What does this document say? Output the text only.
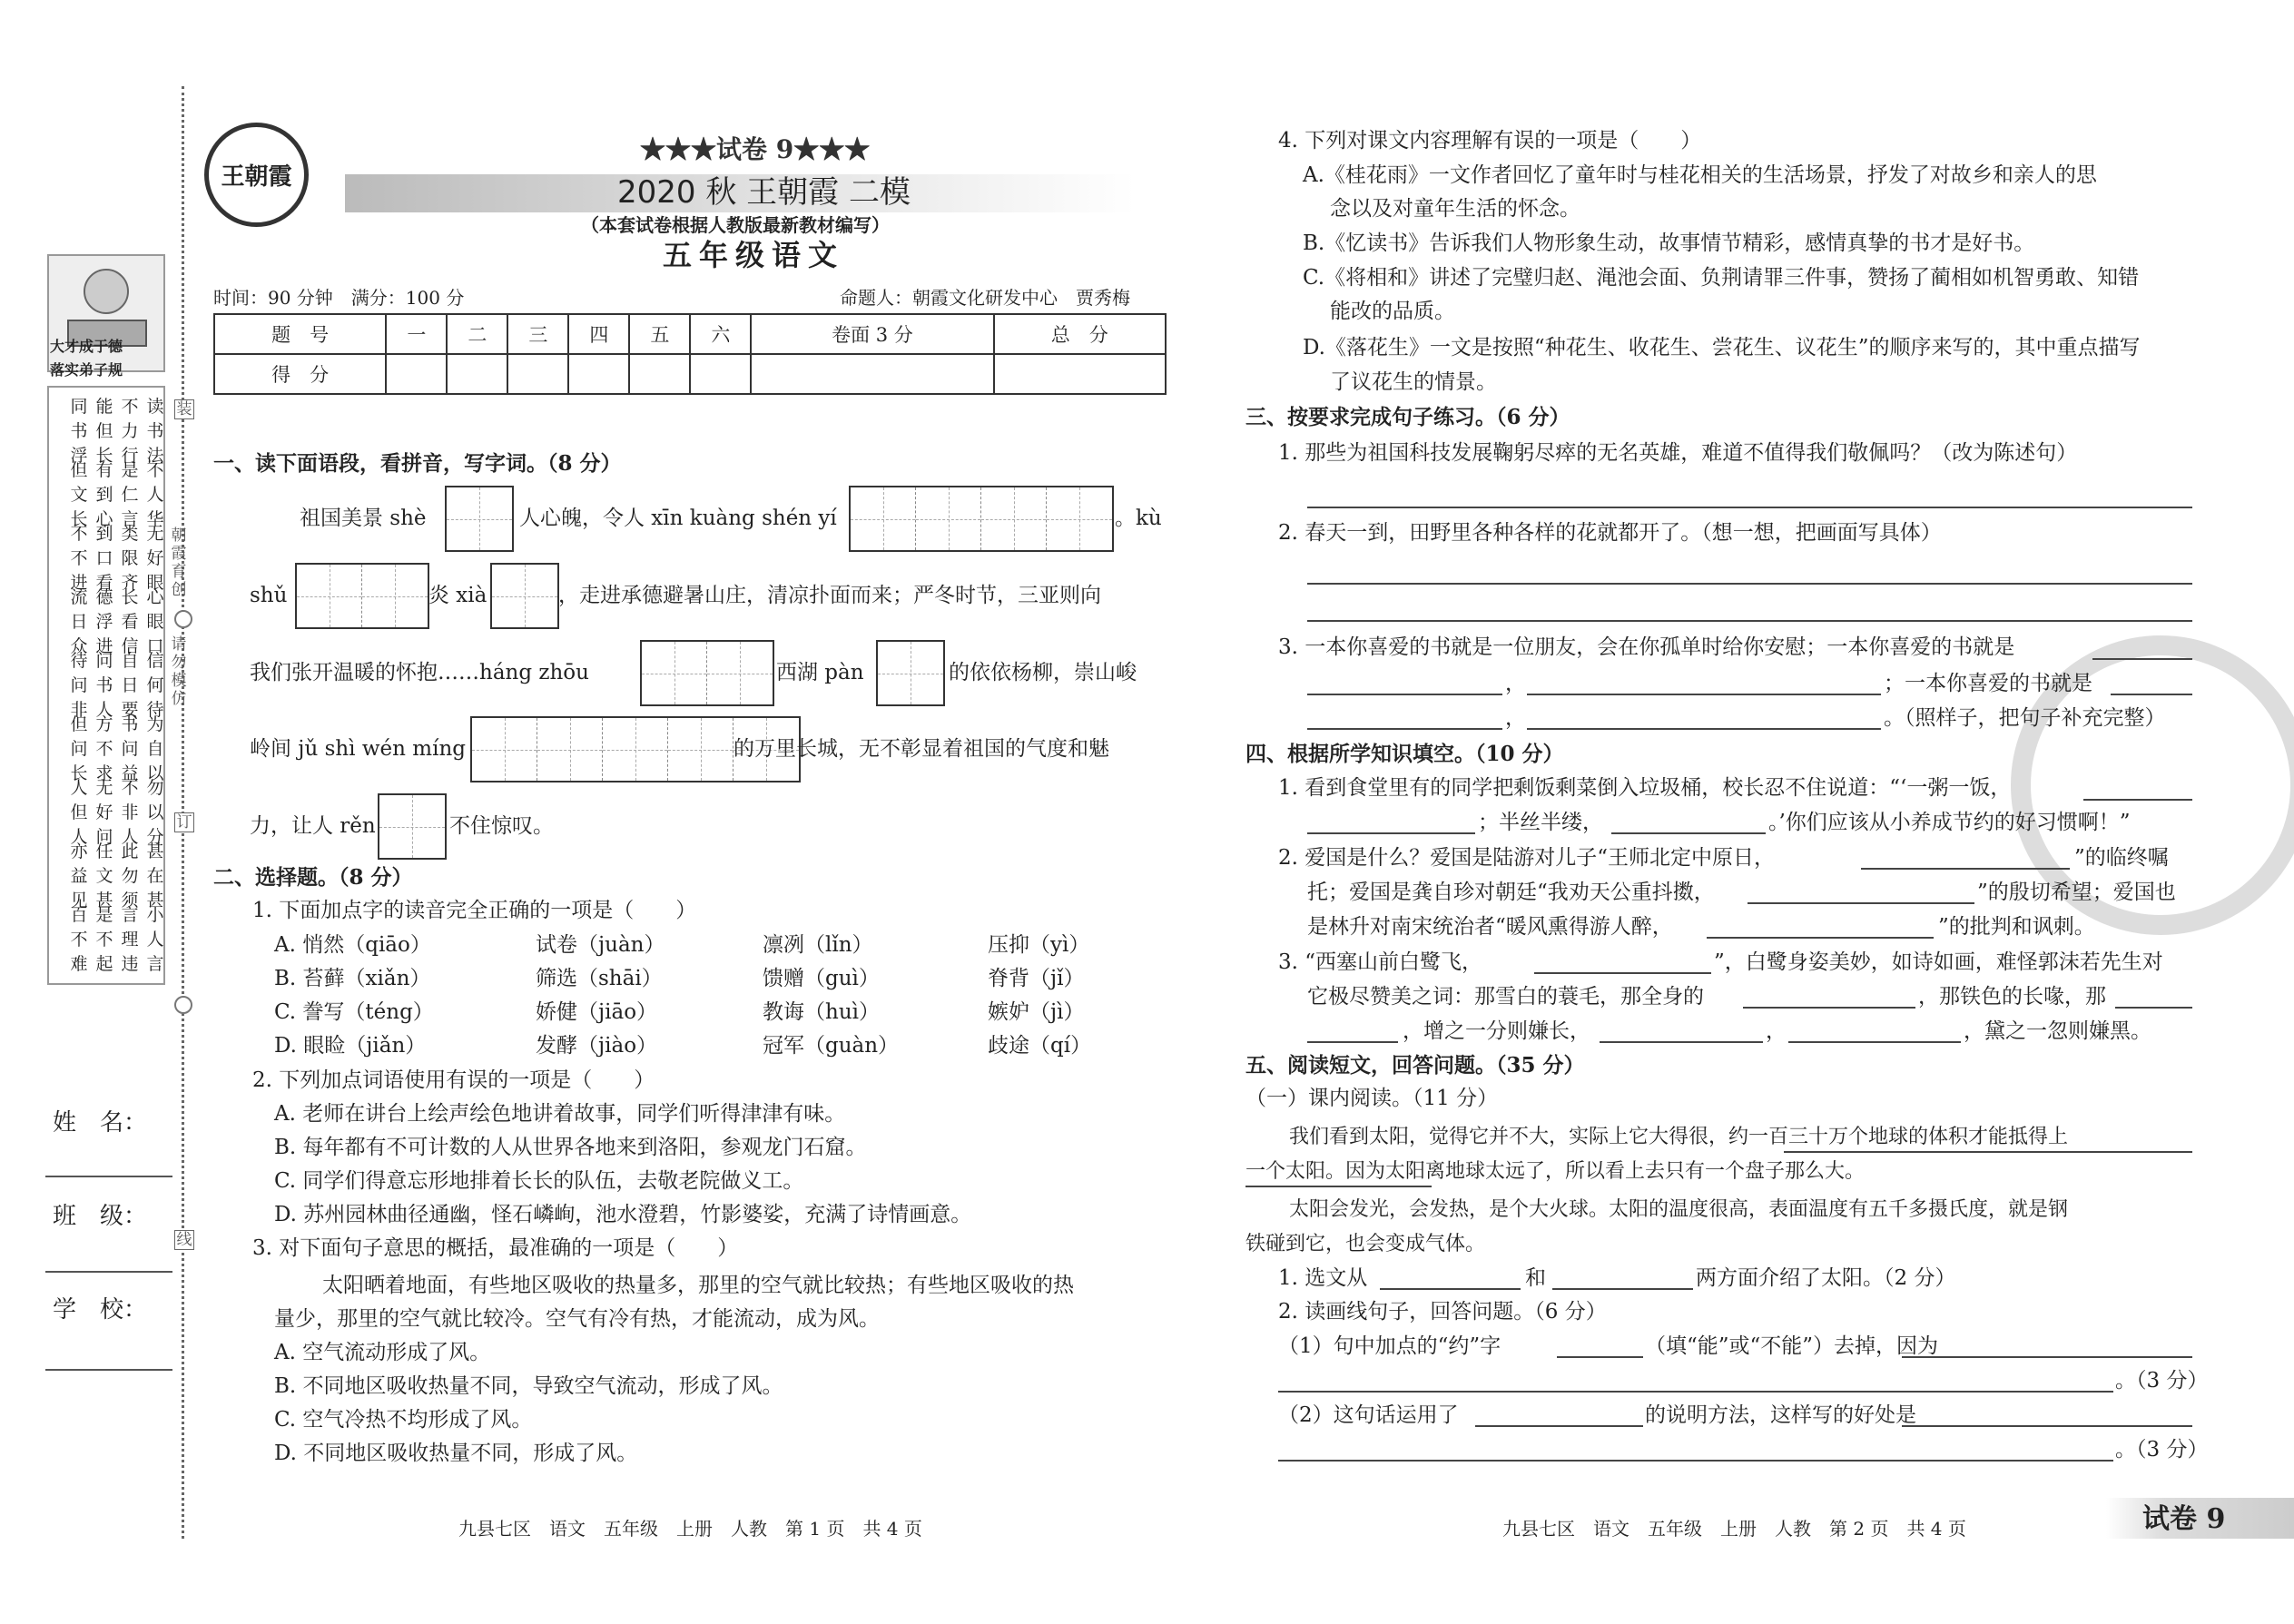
大才成于德
落实弟子规
读书法
不力行
能但长
同书浮
不人华
是仁言
有到心
但文长
无好眼
类限齐
到口看
不不进
心眼口
长看信
德浮进
流日众
信何待
自日要
问书人
待问非
为自以
书问益
方不求
但问长
勿以分
不非人
无好问
人但人
甚在甚
此勿须
任文甚
亦益见
小人言
言理违
是不起
百不难
装
朝霞育创
请勿模仿
订
线
姓　名：
班　级：
学　校：
王朝霞
★★★试卷 9★★★
2020 秋 王朝霞 二模
（本套试卷根据人教版最新教材编写）
五年级语文
时间：90 分钟　满分：100 分	命题人：朝霞文化研发中心　贾秀梅
题　号	一	二	三	四	五	六	卷面 3 分	总　分
得　分								
一、读下面语段，看拼音，写字词。（8 分）
祖国美景 shè	人心魄，令人 xīn kuàng shén yí	。kù
shǔ	炎 xià	，走进承德避暑山庄，清凉扑面而来；严冬时节，三亚则向
我们张开温暖的怀抱……háng zhōu	西湖 pàn	的依依杨柳，崇山峻
岭间 jǔ shì wén míng	的万里长城，无不彰显着祖国的气度和魅
力，让人 rěn	不住惊叹。
二、选择题。（8 分）
1. 下面加点字的读音完全正确的一项是（　　）
A. 悄然（qiāo）	试卷（juàn）	凛冽（lǐn）	压抑（yì）
B. 苔藓（xiǎn）	筛选（shāi）	馈赠（guì）	脊背（jǐ）
C. 誊写（téng）	娇健（jiāo）	教诲（huì）	嫉妒（jì）
D. 眼睑（jiǎn）	发酵（jiào）	冠军（guàn）	歧途（qí）
2. 下列加点词语使用有误的一项是（　　）
A. 老师在讲台上绘声绘色地讲着故事，同学们听得津津有味。
B. 每年都有不可计数的人从世界各地来到洛阳，参观龙门石窟。
C. 同学们得意忘形地排着长长的队伍，去敬老院做义工。
D. 苏州园林曲径通幽，怪石嶙峋，池水澄碧，竹影婆娑，充满了诗情画意。
3. 对下面句子意思的概括，最准确的一项是（　　）
太阳晒着地面，有些地区吸收的热量多，那里的空气就比较热；有些地区吸收的热
量少，那里的空气就比较冷。空气有冷有热，才能流动，成为风。
A. 空气流动形成了风。
B. 不同地区吸收热量不同，导致空气流动，形成了风。
C. 空气冷热不均形成了风。
D. 不同地区吸收热量不同，形成了风。
九县七区　语文　五年级　上册　人教　第 1 页　共 4 页
4. 下列对课文内容理解有误的一项是（　　）
A.《桂花雨》一文作者回忆了童年时与桂花相关的生活场景，抒发了对故乡和亲人的思
念以及对童年生活的怀念。
B.《忆读书》告诉我们人物形象生动，故事情节精彩，感情真挚的书才是好书。
C.《将相和》讲述了完璧归赵、渑池会面、负荆请罪三件事，赞扬了蔺相如机智勇敢、知错
能改的品质。
D.《落花生》一文是按照“种花生、收花生、尝花生、议花生”的顺序来写的，其中重点描写
了议花生的情景。
三、按要求完成句子练习。（6 分）
1. 那些为祖国科技发展鞠躬尽瘁的无名英雄，难道不值得我们敬佩吗？（改为陈述句）
2. 春天一到，田野里各种各样的花就都开了。（想一想，把画面写具体）
3. 一本你喜爱的书就是一位朋友，会在你孤单时给你安慰；一本你喜爱的书就是
，	；一本你喜爱的书就是
，	。（照样子，把句子补充完整）
四、根据所学知识填空。（10 分）
1. 看到食堂里有的同学把剩饭剩菜倒入垃圾桶，校长忍不住说道：“‘一粥一饭，
；半丝半缕，	。’你们应该从小养成节约的好习惯啊！”
2. 爱国是什么？爱国是陆游对儿子“王师北定中原日，	”的临终嘱
托；爱国是龚自珍对朝廷“我劝天公重抖擞，	”的殷切希望；爱国也
是林升对南宋统治者“暖风熏得游人醉，	”的批判和讽刺。
3. “西塞山前白鹭飞，	”，白鹭身姿美妙，如诗如画，难怪郭沫若先生对
它极尽赞美之词：那雪白的蓑毛，那全身的	，那铁色的长喙，那
，增之一分则嫌长，	，	，黛之一忽则嫌黑。
五、阅读短文，回答问题。（35 分）
（一）课内阅读。（11 分）
我们看到太阳，觉得它并不大，实际上它大得很，约一百三十万个地球的体积才能抵得上
一个太阳。因为太阳离地球太远了，所以看上去只有一个盘子那么大。
太阳会发光，会发热，是个大火球。太阳的温度很高，表面温度有五千多摄氏度，就是钢
铁碰到它，也会变成气体。
1. 选文从	和	两方面介绍了太阳。（2 分）
2. 读画线句子，回答问题。（6 分）
（1）句中加点的“约”字	（填“能”或“不能”）去掉，因为
。（3 分）
（2）这句话运用了	的说明方法，这样写的好处是
。（3 分）
九县七区　语文　五年级　上册　人教　第 2 页　共 4 页	试卷 9
